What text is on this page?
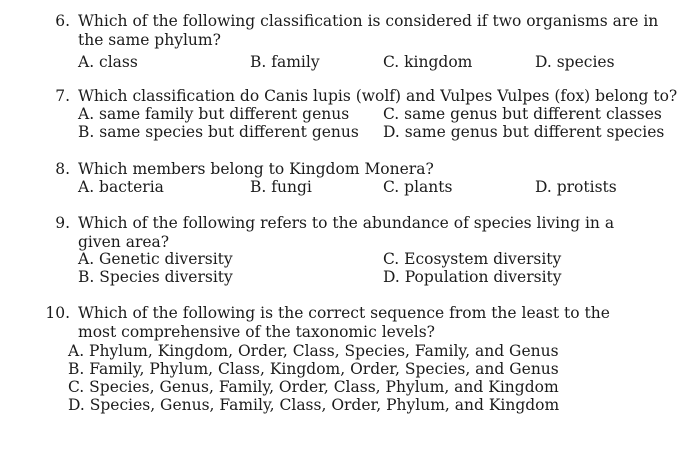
6. Which of the following classification is considered if two organisms are in the same phylum?
A. class	B. family	C. kingdom	D. species
7. Which classification do Canis lupis (wolf) and Vulpes Vulpes (fox) belong to?
A. same family but different genus
B. same species but different genus
C. same genus but different classes
D. same genus but different species
8. Which members belong to Kingdom Monera?
A. bacteria	B. fungi	C. plants	D. protists
9. Which of the following refers to the abundance of species living in a given area?
A. Genetic diversity
B. Species diversity
C. Ecosystem diversity
D. Population diversity
10. Which of the following is the correct sequence from the least to the most comprehensive of the taxonomic levels?
A. Phylum, Kingdom, Order, Class, Species, Family, and Genus
B. Family, Phylum, Class, Kingdom, Order, Species, and Genus
C. Species, Genus, Family, Order, Class, Phylum, and Kingdom
D. Species, Genus, Family, Class, Order, Phylum, and Kingdom
